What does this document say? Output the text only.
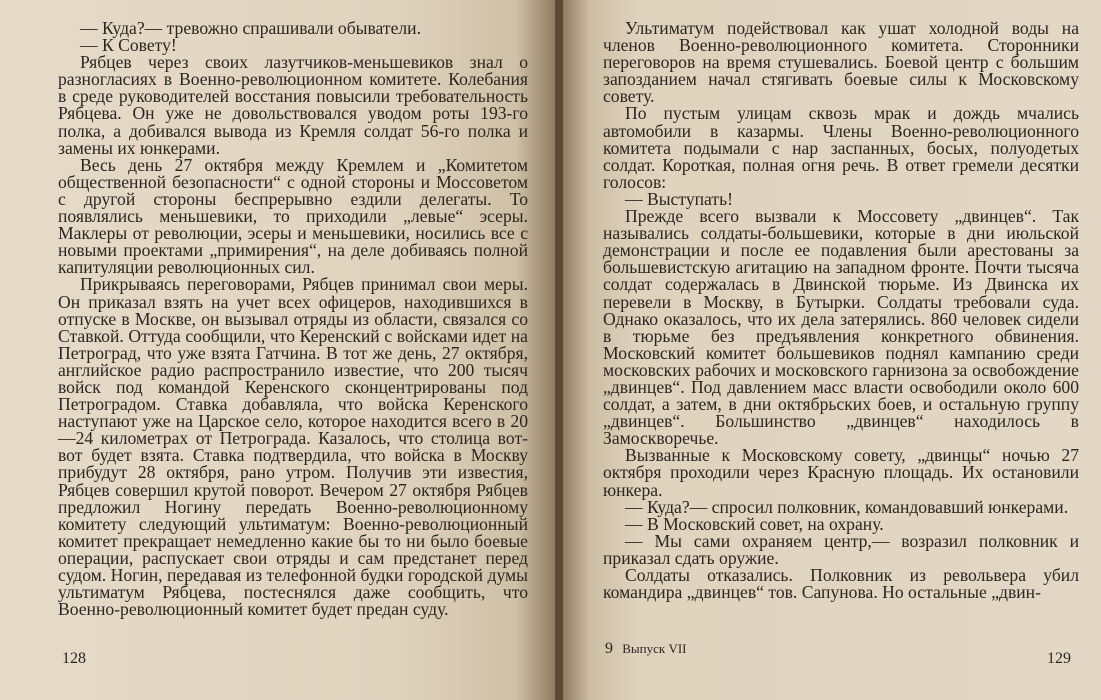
— Куда?— тревожно спрашивали обыватели.

— К Совету!

Рябцев через своих лазутчиков-меньшевиков знал о разногласиях в Военно-революционном комитете. Колебания в среде руководителей восстания повысили требовательность Рябцева. Он уже не довольствовался уводом роты 193-го полка, а добивался вывода из Кремля солдат 56-го полка и замены их юнкерами.

Весь день 27 октября между Кремлем и „Комитетом общественной безопасности“ с одной стороны и Моссоветом с другой стороны беспрерывно ездили делегаты. То появлялись меньшевики, то приходили „левые“ эсеры. Маклеры от революции, эсеры и меньшевики, носились все с новыми проектами „примирения“, на деле добиваясь полной капитуляции революционных сил.

Прикрываясь переговорами, Рябцев принимал свои меры. Он приказал взять на учет всех офицеров, находившихся в отпуске в Москве, он вызывал отряды из области, связался со Ставкой. Оттуда сообщили, что Керенский с войсками идет на Петроград, что уже взята Гатчина. В тот же день, 27 октября, английское радио распространило известие, что 200 тысяч войск под командой Керенского сконцентрированы под Петроградом. Ставка добавляла, что войска Керенского наступают уже на Царское село, которое находится всего в 20—24 километрах от Петрограда. Казалось, что столица вот-вот будет взята. Ставка подтвердила, что войска в Москву прибудут 28 октября, рано утром. Получив эти известия, Рябцев совершил крутой поворот. Вечером 27 октября Рябцев предложил Ногину передать Военно-революционному комитету следующий ультиматум: Военно-революционный комитет прекращает немедленно какие бы то ни было боевые операции, распускает свои отряды и сам предстанет перед судом. Ногин, передавая из телефонной будки городской думы ультиматум Рябцева, постеснялся даже сообщить, что Военно-революционный комитет будет предан суду.

128

Ультиматум подействовал как ушат холодной воды на членов Военно-революционного комитета. Сторонники переговоров на время стушевались. Боевой центр с большим запозданием начал стягивать боевые силы к Московскому совету.

По пустым улицам сквозь мрак и дождь мчались автомобили в казармы. Члены Военно-революционного комитета подымали с нар заспанных, босых, полуодетых солдат. Короткая, полная огня речь. В ответ гремели десятки голосов:

— Выступать!

Прежде всего вызвали к Моссовету „двинцев“. Так назывались солдаты-большевики, которые в дни июльской демонстрации и после ее подавления были арестованы за большевистскую агитацию на западном фронте. Почти тысяча солдат содержалась в Двинской тюрьме. Из Двинска их перевели в Москву, в Бутырки. Солдаты требовали суда. Однако оказалось, что их дела затерялись. 860 человек сидели в тюрьме без предъявления конкретного обвинения. Московский комитет большевиков поднял кампанию среди московских рабочих и московского гарнизона за освобождение „двинцев“. Под давлением масс власти освободили около 600 солдат, а затем, в дни октябрьских боев, и остальную группу „двинцев“. Большинство „двинцев“ находилось в Замоскворечье.

Вызванные к Московскому совету, „двинцы“ ночью 27 октября проходили через Красную площадь. Их остановили юнкера.

— Куда?— спросил полковник, командовавший юнкерами.

— В Московский совет, на охрану.

— Мы сами охраняем центр,— возразил полковник и приказал сдать оружие.

Солдаты отказались. Полковник из револьвера убил командира „двинцев“ тов. Сапунова. Но остальные „двин-

9 Выпуск VII
129
